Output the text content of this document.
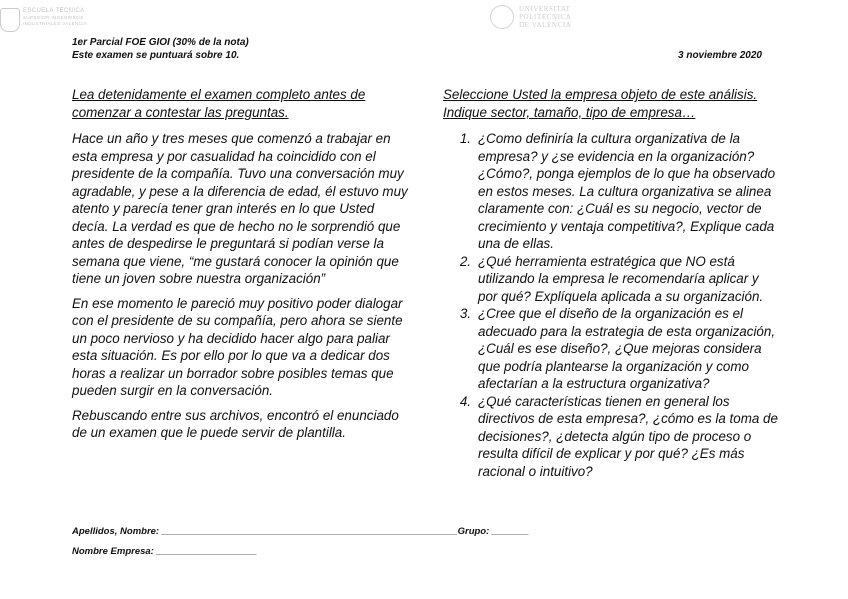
ESCUELA TÉCNICA
SUPERIOR INGENIEROS
INDUSTRIALES VALENCIA
UNIVERSITAT
POLITÈCNICA
DE VALÈNCIA
1er Parcial FOE GIOI (30% de la nota)
Este examen se puntuará sobre 10.	3 noviembre 2020

Lea detenidamente el examen completo antes de comenzar a contestar las preguntas.

Hace un año y tres meses que comenzó a trabajar en esta empresa y por casualidad ha coincidido con el presidente de la compañía. Tuvo una conversación muy agradable, y pese a la diferencia de edad, él estuvo muy atento y parecía tener gran interés en lo que Usted decía. La verdad es que de hecho no le sorprendió que antes de despedirse le preguntará si podían verse la semana que viene, “me gustará conocer la opinión que tiene un joven sobre nuestra organización”

En ese momento le pareció muy positivo poder dialogar con el presidente de su compañía, pero ahora se siente un poco nervioso y ha decidido hacer algo para paliar esta situación. Es por ello por lo que va a dedicar dos horas a realizar un borrador sobre posibles temas que pueden surgir en la conversación.

Rebuscando entre sus archivos, encontró el enunciado de un examen que le puede servir de plantilla.

Seleccione Usted la empresa objeto de este análisis. Indique sector, tamaño, tipo de empresa…

1. ¿Como definiría la cultura organizativa de la empresa? y ¿se evidencia en la organización? ¿Cómo?, ponga ejemplos de lo que ha observado en estos meses. La cultura organizativa se alinea claramente con: ¿Cuál es su negocio, vector de crecimiento y ventaja competitiva?, Explique cada una de ellas.
2. ¿Qué herramienta estratégica que NO está utilizando la empresa le recomendaría aplicar y por qué? Explíquela aplicada a su organización.
3. ¿Cree que el diseño de la organización es el adecuado para la estrategia de esta organización, ¿Cuál es ese diseño?, ¿Que mejoras considera que podría plantearse la organización y como afectarían a la estructura organizativa?
4. ¿Qué características tienen en general los directivos de esta empresa?, ¿cómo es la toma de decisiones?, ¿detecta algún tipo de proceso o resulta difícil de explicar y por qué? ¿Es más racional o intuitivo?
Apellidos, Nombre: ________________________________________________________Grupo: _______
Nombre Empresa: ___________________
